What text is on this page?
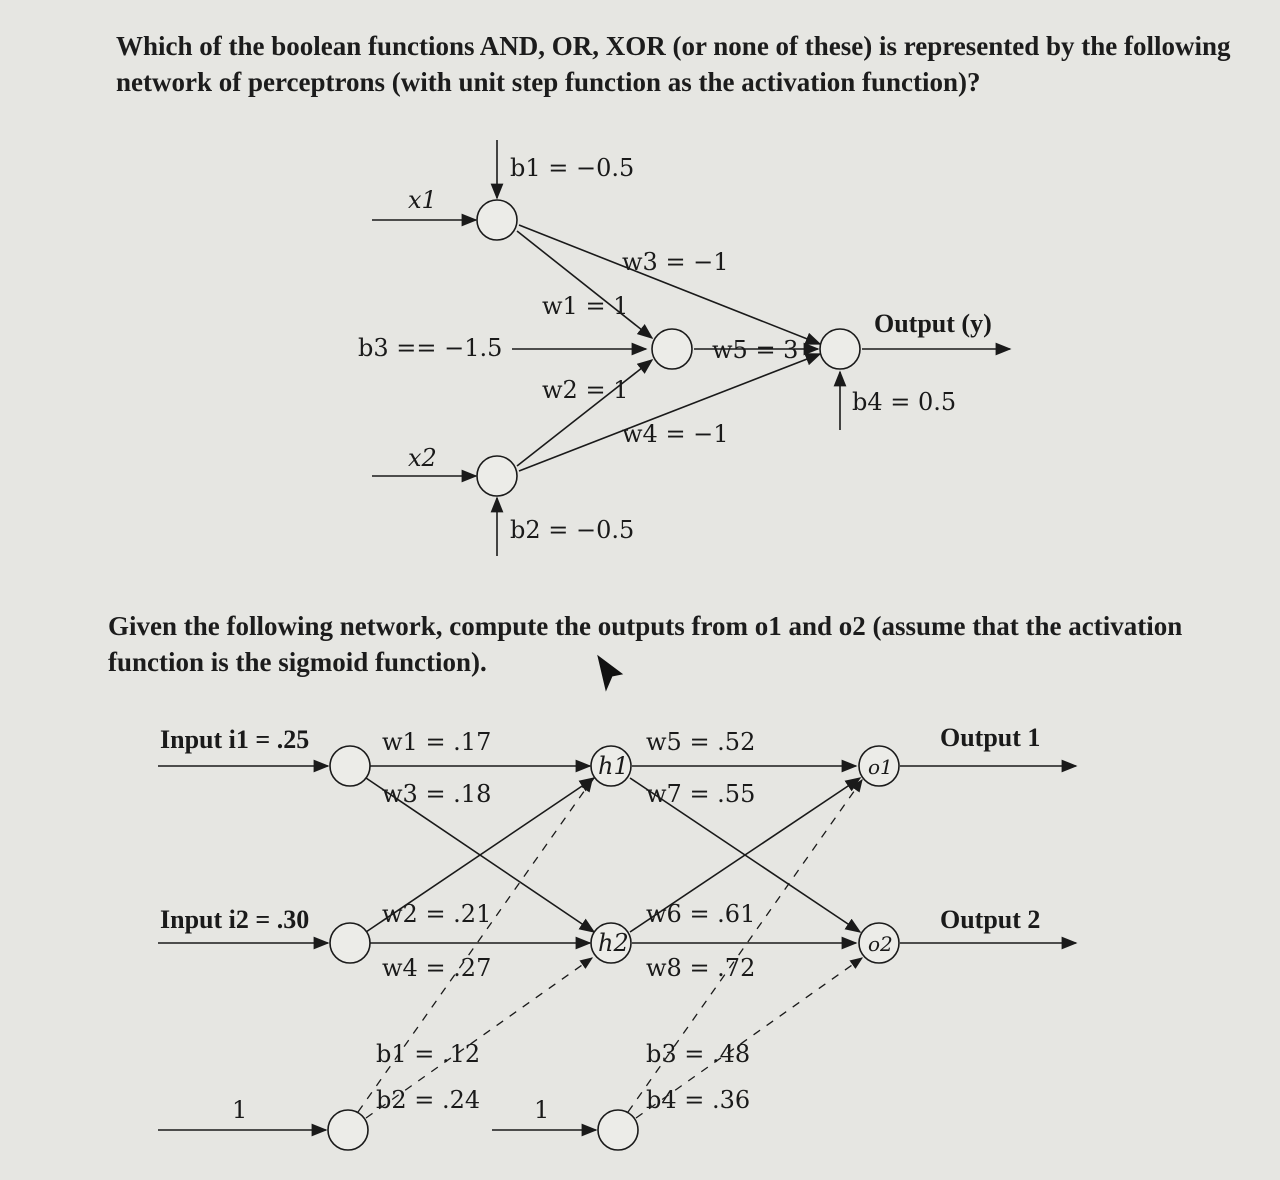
Which of the boolean functions AND, OR, XOR (or none of these) is represented by the following network of perceptrons (with unit step function as the activation function)?
Given the following network, compute the outputs from o1 and o2 (assume that the activation function is the sigmoid function).
x1
x2
b1 = −0.5
b2 = −0.5
b3 == −1.5
b4 = 0.5
w1 = 1
w2 = 1
w3 = −1
w4 = −1
w5 = 3
Output (y)
Input i1 = .25
Input i2 = .30
w1 = .17
w3 = .18
w2 = .21
w4 = .27
w5 = .52
w7 = .55
w6 = .61
w8 = .72
b1 = .12
b2 = .24
b3 = .48
b4 = .36
h1
h2
o1
o2
Output 1
Output 2
1	1
